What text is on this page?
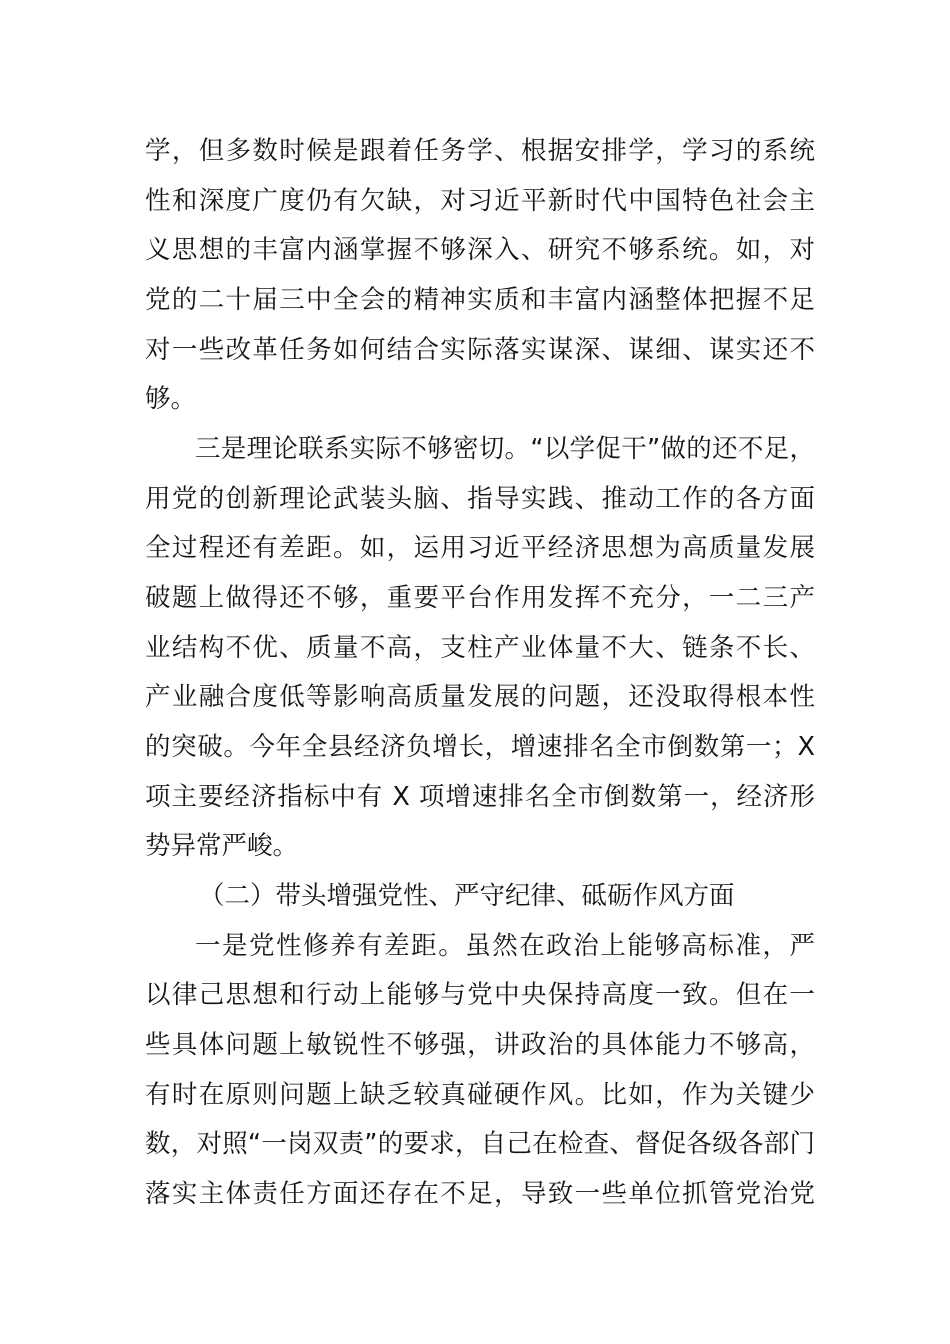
学，但多数时候是跟着任务学、根据安排学，学习的系统
性和深度广度仍有欠缺，对习近平新时代中国特色社会主
义思想的丰富内涵掌握不够深入、研究不够系统。如，对
党的二十届三中全会的精神实质和丰富内涵整体把握不足
对一些改革任务如何结合实际落实谋深、谋细、谋实还不
够。
三是理论联系实际不够密切。“以学促干”做的还不足，
用党的创新理论武装头脑、指导实践、推动工作的各方面
全过程还有差距。如，运用习近平经济思想为高质量发展
破题上做得还不够，重要平台作用发挥不充分，一二三产
业结构不优、质量不高，支柱产业体量不大、链条不长、
产业融合度低等影响高质量发展的问题，还没取得根本性
的突破。今年全县经济负增长，增速排名全市倒数第一；X
项主要经济指标中有 X 项增速排名全市倒数第一，经济形
势异常严峻。
（二）带头增强党性、严守纪律、砥砺作风方面
一是党性修养有差距。虽然在政治上能够高标准，严
以律己思想和行动上能够与党中央保持高度一致。但在一
些具体问题上敏锐性不够强，讲政治的具体能力不够高，
有时在原则问题上缺乏较真碰硬作风。比如，作为关键少
数，对照“一岗双责”的要求，自己在检查、督促各级各部门
落实主体责任方面还存在不足，导致一些单位抓管党治党
